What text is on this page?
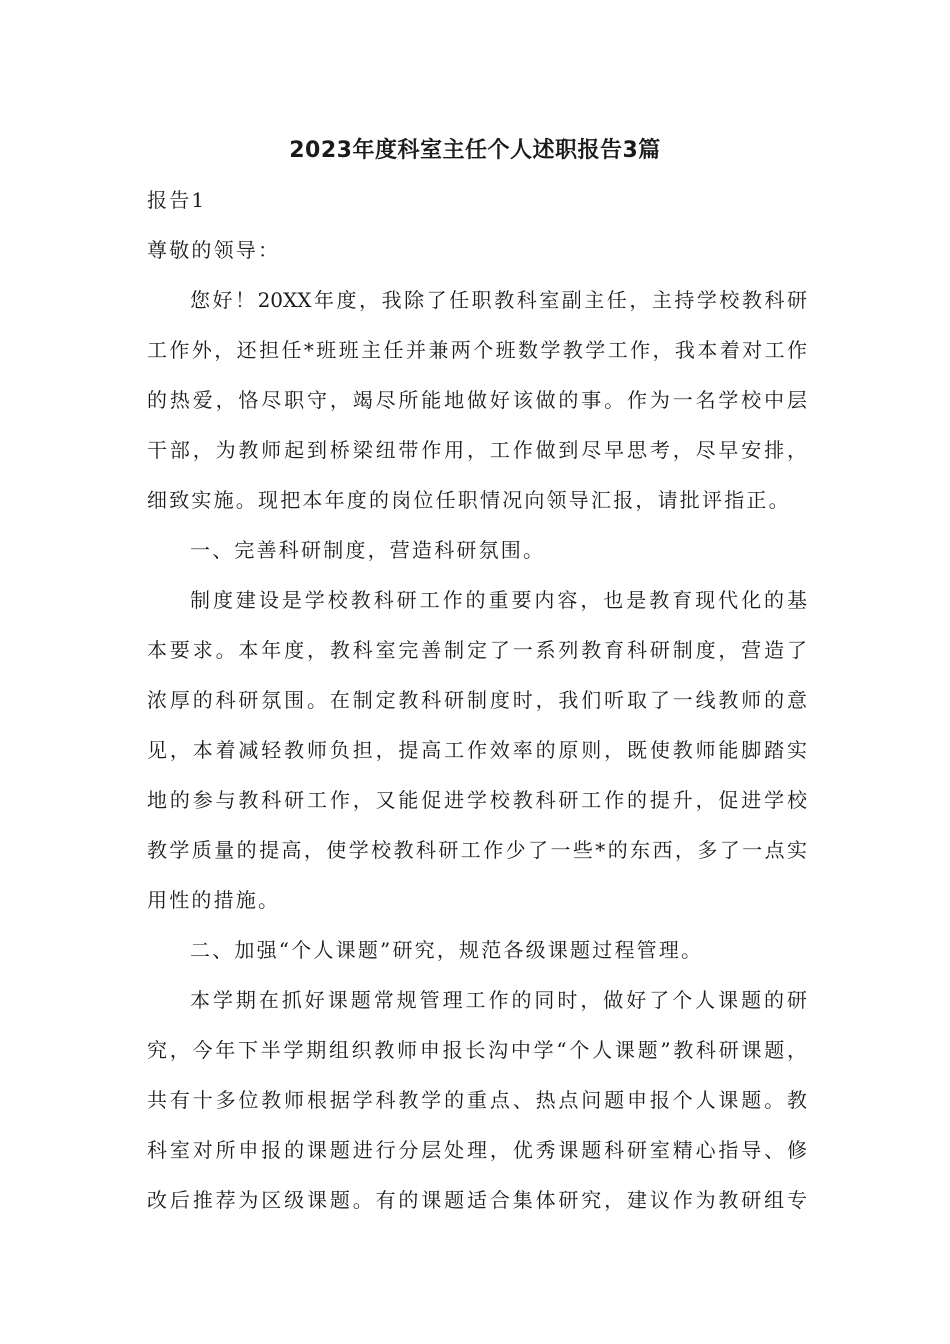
2023年度科室主任个人述职报告3篇
报告1
尊敬的领导：
您好！20XX年度，我除了任职教科室副主任，主持学校教科研
工作外，还担任*班班主任并兼两个班数学教学工作，我本着对工作
的热爱，恪尽职守，竭尽所能地做好该做的事。作为一名学校中层
干部，为教师起到桥梁纽带作用，工作做到尽早思考，尽早安排，
细致实施。现把本年度的岗位任职情况向领导汇报，请批评指正。
一、完善科研制度，营造科研氛围。
制度建设是学校教科研工作的重要内容，也是教育现代化的基
本要求。本年度，教科室完善制定了一系列教育科研制度，营造了
浓厚的科研氛围。在制定教科研制度时，我们听取了一线教师的意
见，本着减轻教师负担，提高工作效率的原则，既使教师能脚踏实
地的参与教科研工作，又能促进学校教科研工作的提升，促进学校
教学质量的提高，使学校教科研工作少了一些*的东西，多了一点实
用性的措施。
二、加强“个人课题”研究，规范各级课题过程管理。
本学期在抓好课题常规管理工作的同时，做好了个人课题的研
究，今年下半学期组织教师申报长沟中学“个人课题”教科研课题，
共有十多位教师根据学科教学的重点、热点问题申报个人课题。教
科室对所申报的课题进行分层处理，优秀课题科研室精心指导、修
改后推荐为区级课题。有的课题适合集体研究，建议作为教研组专
